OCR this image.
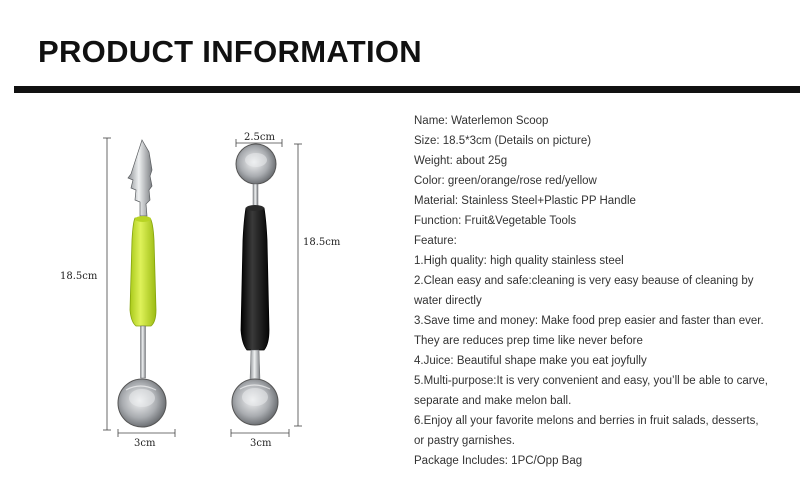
PRODUCT INFORMATION
18.5cm
3cm
2.5cm
18.5cm
3cm
Name: Waterlemon Scoop
Size: 18.5*3cm (Details on picture)
Weight: about 25g
Color: green/orange/rose red/yellow
Material: Stainless Steel+Plastic PP Handle
Function: Fruit&Vegetable Tools
Feature:
1.High quality: high quality stainless steel
2.Clean easy and safe:cleaning is very easy beause of cleaning by
water directly
3.Save time and money: Make food prep easier and faster than ever.
They are reduces prep time like never before
4.Juice: Beautiful shape make you eat joyfully
5.Multi-purpose:It is very convenient and easy, you’ll be able to carve,
separate and make melon ball.
6.Enjoy all your favorite melons and berries in fruit salads, desserts,
or pastry garnishes.
Package Includes: 1PC/Opp Bag
